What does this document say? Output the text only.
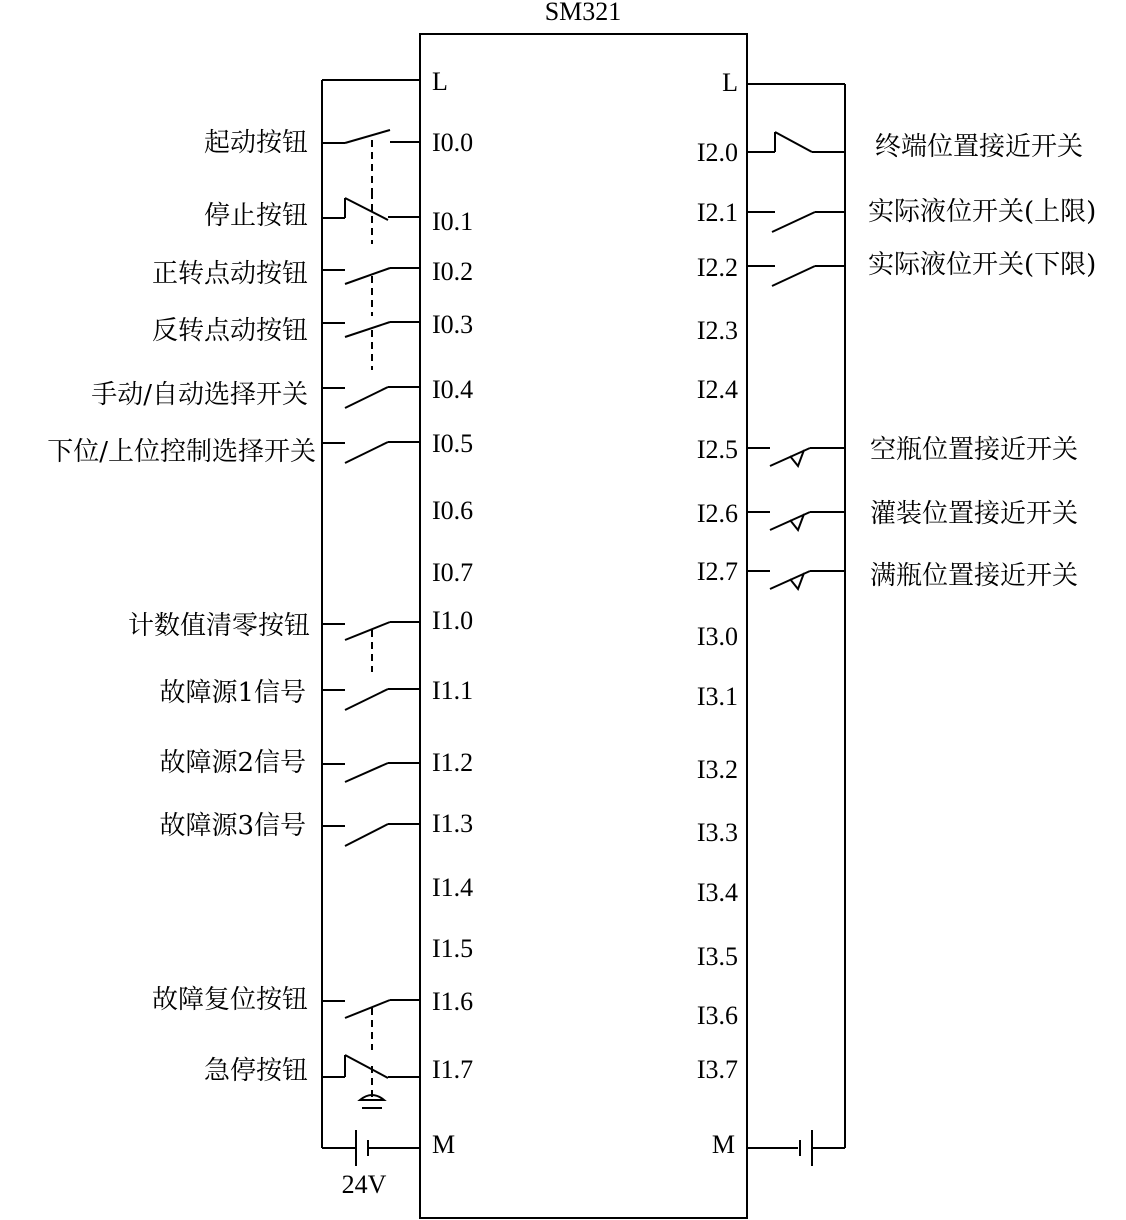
SM321
L
I0.0
I0.1
I0.2
I0.3
I0.4
I0.5
I0.6
I0.7
I1.0
I1.1
I1.2
I1.3
I1.4
I1.5
I1.6
I1.7
M
L
I2.0
I2.1
I2.2
I2.3
I2.4
I2.5
I2.6
I2.7
I3.0
I3.1
I3.2
I3.3
I3.4
I3.5
I3.6
I3.7
M
起动按钮
停止按钮
正转点动按钮
反转点动按钮
手动/自动选择开关
下位/上位控制选择开关
计数值清零按钮
故障源1信号
故障源2信号
故障源3信号
故障复位按钮
急停按钮
终端位置接近开关
实际液位开关(上限)
实际液位开关(下限)
空瓶位置接近开关
灌装位置接近开关
满瓶位置接近开关
24V
